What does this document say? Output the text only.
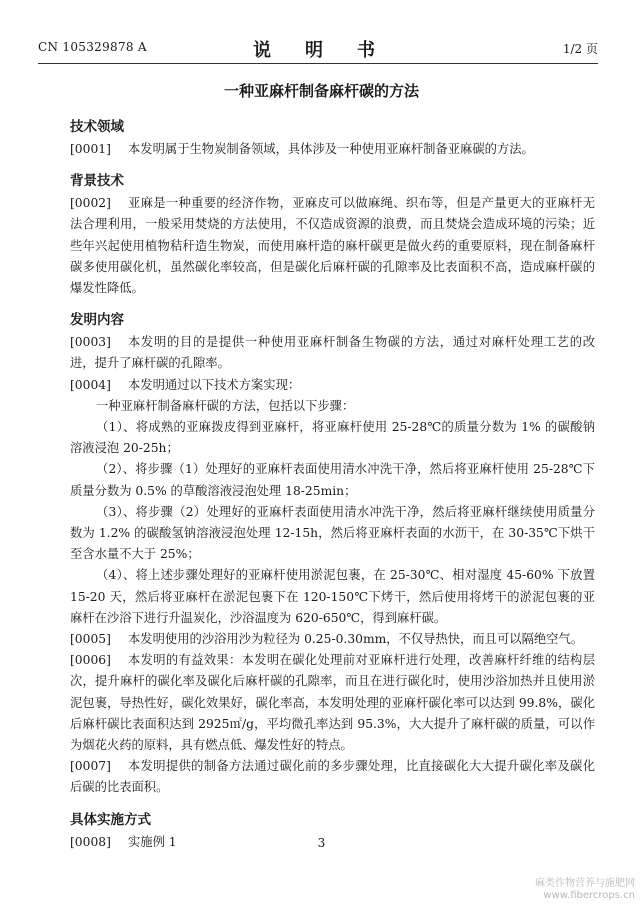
CN 105329878 A	说　明　书	1/2 页
一种亚麻杆制备麻杆碳的方法
技术领域
[0001]	本发明属于生物炭制备领域，具体涉及一种使用亚麻杆制备亚麻碳的方法。
背景技术
[0002]	亚麻是一种重要的经济作物，亚麻皮可以做麻绳、织布等，但是产量更大的亚麻杆无法合理利用，一般采用焚烧的方法使用，不仅造成资源的浪费，而且焚烧会造成环境的污染；近些年兴起使用植物秸秆造生物炭，而使用麻杆造的麻杆碳更是做火药的重要原料，现在制备麻杆碳多使用碳化机，虽然碳化率较高，但是碳化后麻杆碳的孔隙率及比表面积不高，造成麻杆碳的爆发性降低。
发明内容
[0003]	本发明的目的是提供一种使用亚麻杆制备生物碳的方法，通过对麻杆处理工艺的改进，提升了麻杆碳的孔隙率。
[0004]	本发明通过以下技术方案实现：
一种亚麻杆制备麻杆碳的方法，包括以下步骤：
（1）、将成熟的亚麻拨皮得到亚麻杆，将亚麻杆使用 25-28℃的质量分数为 1% 的碳酸钠溶液浸泡 20-25h；
（2）、将步骤（1）处理好的亚麻杆表面使用清水冲洗干净，然后将亚麻杆使用 25-28℃下质量分数为 0.5% 的草酸溶液浸泡处理 18-25min；
（3）、将步骤（2）处理好的亚麻杆表面使用清水冲洗干净，然后将亚麻杆继续使用质量分数为 1.2% 的碳酸氢钠溶液浸泡处理 12-15h，然后将亚麻杆表面的水沥干，在 30-35℃下烘干至含水量不大于 25%；
（4）、将上述步骤处理好的亚麻杆使用淤泥包裹，在 25-30℃、相对湿度 45-60% 下放置 15-20 天，然后将亚麻杆在淤泥包裹下在 120-150℃下烤干，然后使用将烤干的淤泥包裹的亚麻杆在沙浴下进行升温炭化，沙浴温度为 620-650℃，得到麻杆碳。
[0005]	本发明使用的沙浴用沙为粒径为 0.25-0.30mm，不仅导热快，而且可以隔绝空气。
[0006]	本发明的有益效果：本发明在碳化处理前对亚麻杆进行处理，改善麻杆纤维的结构层次，提升麻杆的碳化率及碳化后麻杆碳的孔隙率，而且在进行碳化时，使用沙浴加热并且使用淤泥包裹，导热性好，碳化效果好，碳化率高，本发明处理的亚麻杆碳化率可以达到 99.8%，碳化后麻杆碳比表面积达到 2925㎡/g，平均微孔率达到 95.3%，大大提升了麻杆碳的质量，可以作为烟花火药的原料，具有燃点低、爆发性好的特点。
[0007]	本发明提供的制备方法通过碳化前的多步骤处理，比直接碳化大大提升碳化率及碳化后碳的比表面积。
具体实施方式
[0008]	实施例 1	3
麻类作物营养与施肥网
www.fibercrops.cn
